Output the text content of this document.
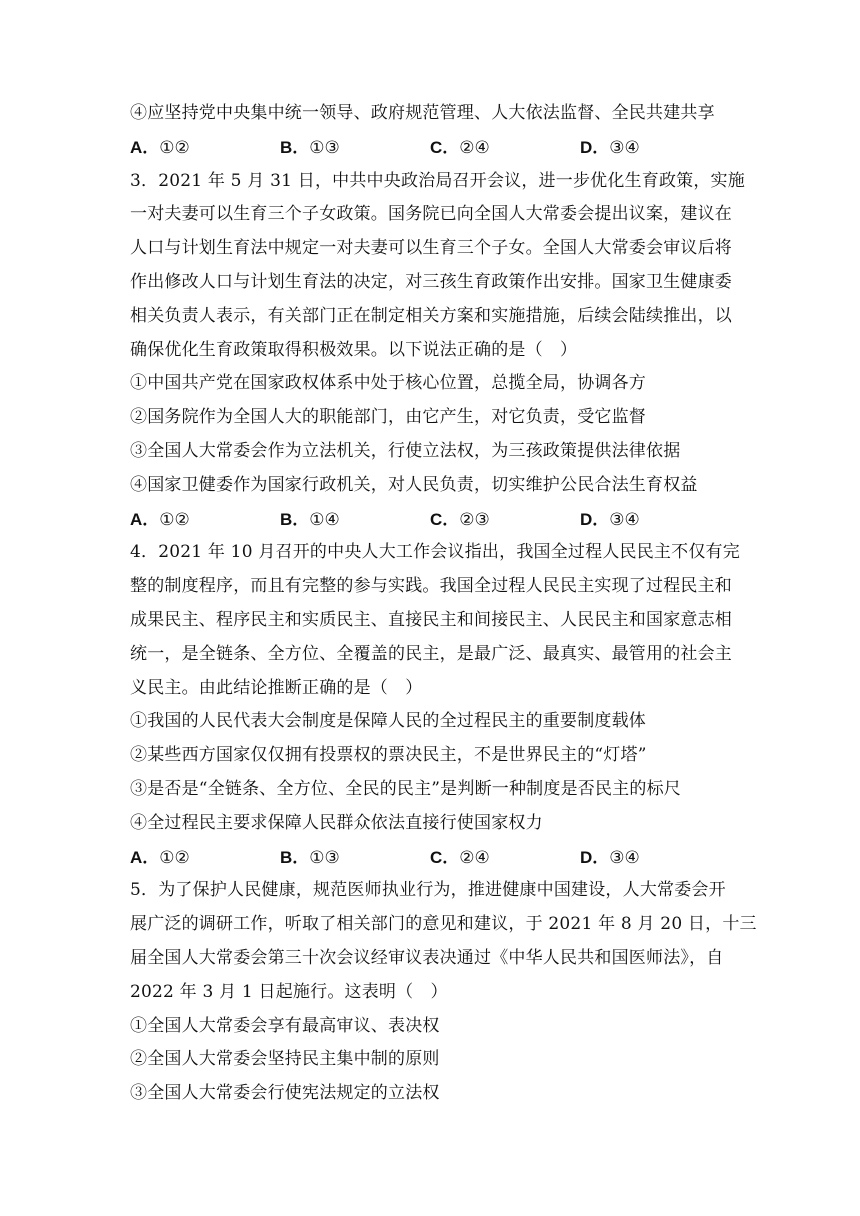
④应坚持党中央集中统一领导、政府规范管理、人大依法监督、全民共建共享
A．①②	B．①③	C．②④	D．③④
3．2021 年 5 月 31 日，中共中央政治局召开会议，进一步优化生育政策，实施
一对夫妻可以生育三个子女政策。国务院已向全国人大常委会提出议案，建议在
人口与计划生育法中规定一对夫妻可以生育三个子女。全国人大常委会审议后将
作出修改人口与计划生育法的决定，对三孩生育政策作出安排。国家卫生健康委
相关负责人表示，有关部门正在制定相关方案和实施措施，后续会陆续推出，以
确保优化生育政策取得积极效果。以下说法正确的是（　）
①中国共产党在国家政权体系中处于核心位置，总揽全局，协调各方
②国务院作为全国人大的职能部门，由它产生，对它负责，受它监督
③全国人大常委会作为立法机关，行使立法权，为三孩政策提供法律依据
④国家卫健委作为国家行政机关，对人民负责，切实维护公民合法生育权益
A．①②	B．①④	C．②③	D．③④
4．2021 年 10 月召开的中央人大工作会议指出，我国全过程人民民主不仅有完
整的制度程序，而且有完整的参与实践。我国全过程人民民主实现了过程民主和
成果民主、程序民主和实质民主、直接民主和间接民主、人民民主和国家意志相
统一，是全链条、全方位、全覆盖的民主，是最广泛、最真实、最管用的社会主
义民主。由此结论推断正确的是（　）
①我国的人民代表大会制度是保障人民的全过程民主的重要制度载体
②某些西方国家仅仅拥有投票权的票决民主，不是世界民主的“灯塔”
③是否是“全链条、全方位、全民的民主”是判断一种制度是否民主的标尺
④全过程民主要求保障人民群众依法直接行使国家权力
A．①②	B．①③	C．②④	D．③④
5．为了保护人民健康，规范医师执业行为，推进健康中国建设，人大常委会开
展广泛的调研工作，听取了相关部门的意见和建议，于 2021 年 8 月 20 日，十三
届全国人大常委会第三十次会议经审议表决通过《中华人民共和国医师法》，自
2022 年 3 月 1 日起施行。这表明（　）
①全国人大常委会享有最高审议、表决权
②全国人大常委会坚持民主集中制的原则
③全国人大常委会行使宪法规定的立法权
